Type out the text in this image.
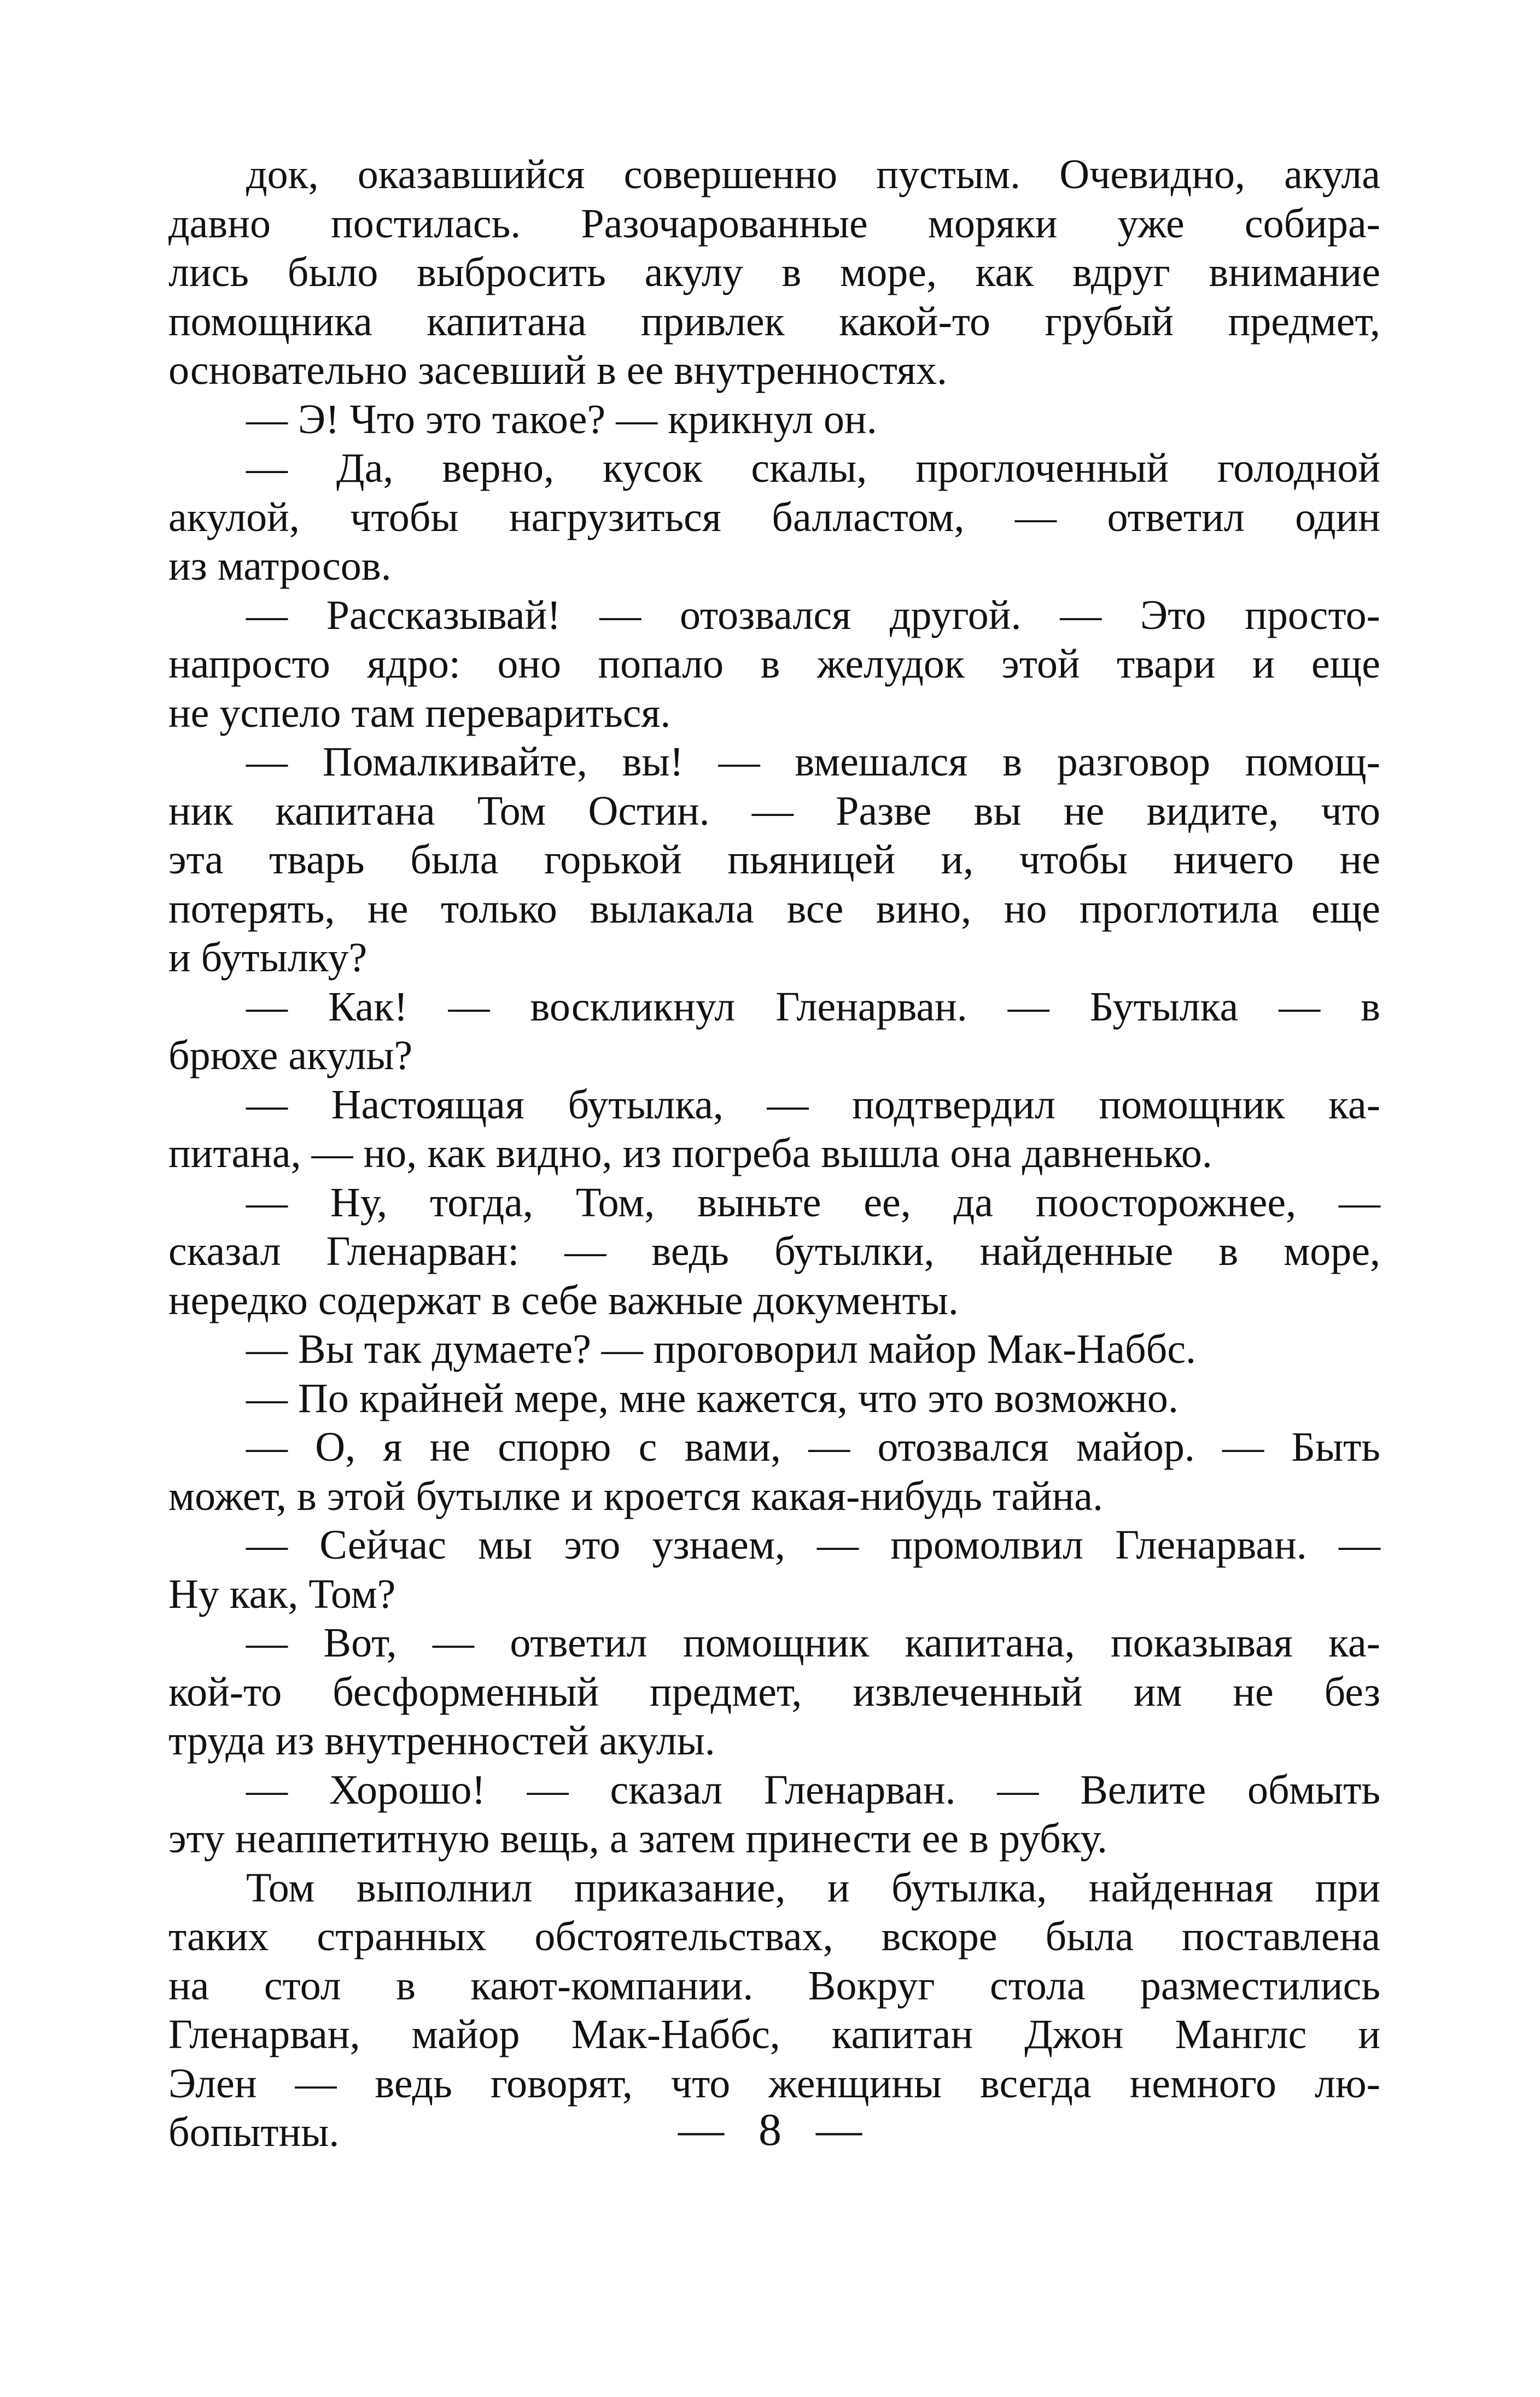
док, оказавшийся совершенно пустым. Очевидно, акула
давно постилась. Разочарованные моряки уже собира-
лись было выбросить акулу в море, как вдруг внимание
помощника капитана привлек какой-то грубый предмет,
основательно засевший в ее внутренностях.
— Э! Что это такое? — крикнул он.
— Да, верно, кусок скалы, проглоченный голодной
акулой, чтобы нагрузиться балластом, — ответил один
из матросов.
— Рассказывай! — отозвался другой. — Это просто-
напросто ядро: оно попало в желудок этой твари и еще
не успело там перевариться.
— Помалкивайте, вы! — вмешался в разговор помощ-
ник капитана Том Остин. — Разве вы не видите, что
эта тварь была горькой пьяницей и, чтобы ничего не
потерять, не только вылакала все вино, но проглотила еще
и бутылку?
— Как! — воскликнул Гленарван. — Бутылка — в
брюхе акулы?
— Настоящая бутылка, — подтвердил помощник ка-
питана, — но, как видно, из погреба вышла она давненько.
— Ну, тогда, Том, выньте ее, да поосторожнее, —
сказал Гленарван: — ведь бутылки, найденные в море,
нередко содержат в себе важные документы.
— Вы так думаете? — проговорил майор Мак-Наббс.
— По крайней мере, мне кажется, что это возможно.
— О, я не спорю с вами, — отозвался майор. — Быть
может, в этой бутылке и кроется какая-нибудь тайна.
— Сейчас мы это узнаем, — промолвил Гленарван. —
Ну как, Том?
— Вот, — ответил помощник капитана, показывая ка-
кой-то бесформенный предмет, извлеченный им не без
труда из внутренностей акулы.
— Хорошо! — сказал Гленарван. — Велите обмыть
эту неаппетитную вещь, а затем принести ее в рубку.
Том выполнил приказание, и бутылка, найденная при
таких странных обстоятельствах, вскоре была поставлена
на стол в кают-компании. Вокруг стола разместились
Гленарван, майор Мак-Наббс, капитан Джон Манглс и
Элен — ведь говорят, что женщины всегда немного лю-
бопытны.	—   8   —
